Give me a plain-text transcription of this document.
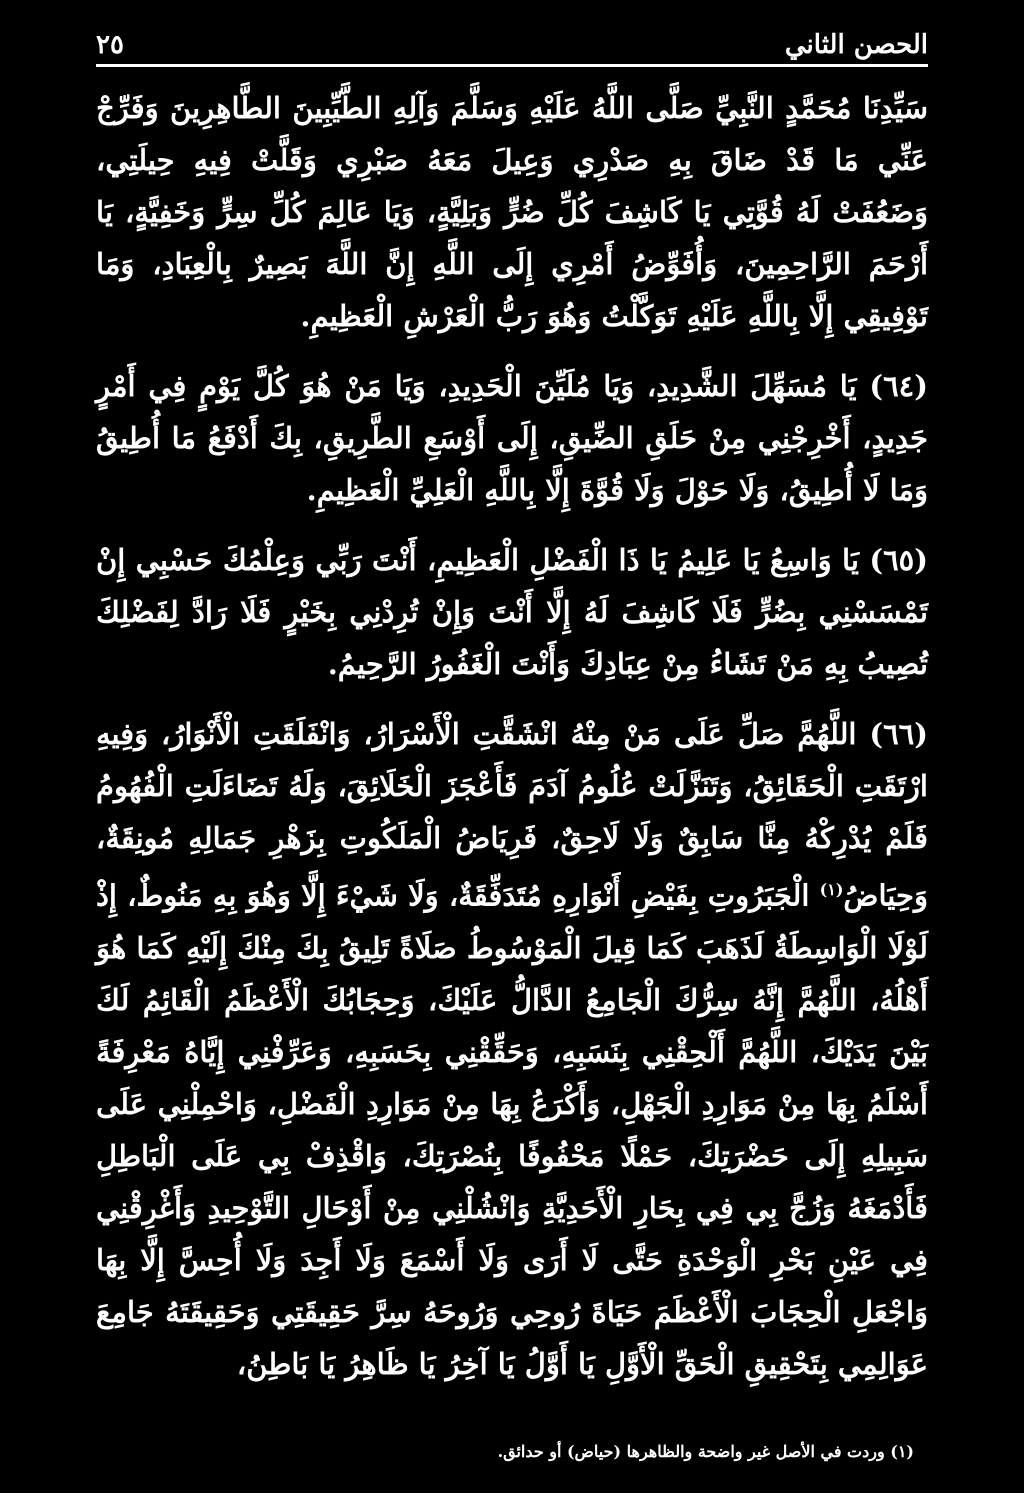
٢٥	الحصن الثاني

سَيِّدِنَا مُحَمَّدٍ النَّبِيِّ صَلَّى اللَّهُ عَلَيْهِ وَسَلَّمَ وَآلِهِ الطَّيِّبِينَ الطَّاهِرِينَ وَفَرِّجْ عَنِّي مَا قَدْ ضَاقَ بِهِ صَدْرِي وَعِيلَ مَعَهُ صَبْرِي وَقَلَّتْ فِيهِ حِيلَتِي، وَضَعُفَتْ لَهُ قُوَّتِي يَا كَاشِفَ كُلِّ ضُرٍّ وَبَلِيَّةٍ، وَيَا عَالِمَ كُلِّ سِرٍّ وَخَفِيَّةٍ، يَا أَرْحَمَ الرَّاحِمِينَ، وَأُفَوِّضُ أَمْرِي إِلَى اللَّهِ إِنَّ اللَّهَ بَصِيرٌ بِالْعِبَادِ، وَمَا تَوْفِيقِي إِلَّا بِاللَّهِ عَلَيْهِ تَوَكَّلْتُ وَهُوَ رَبُّ الْعَرْشِ الْعَظِيمِ.

(٦٤) يَا مُسَهِّلَ الشَّدِيدِ، وَيَا مُلَيِّنَ الْحَدِيدِ، وَيَا مَنْ هُوَ كُلَّ يَوْمٍ فِي أَمْرٍ جَدِيدٍ، أَخْرِجْنِي مِنْ حَلَقِ الضِّيقِ، إِلَى أَوْسَعِ الطَّرِيقِ، بِكَ أَدْفَعُ مَا أُطِيقُ وَمَا لَا أُطِيقُ، وَلَا حَوْلَ وَلَا قُوَّةَ إِلَّا بِاللَّهِ الْعَلِيِّ الْعَظِيمِ.

(٦٥) يَا وَاسِعُ يَا عَلِيمُ يَا ذَا الْفَضْلِ الْعَظِيمِ، أَنْتَ رَبِّي وَعِلْمُكَ حَسْبِي إِنْ تَمْسَسْنِي بِضُرٍّ فَلَا كَاشِفَ لَهُ إِلَّا أَنْتَ وَإِنْ تُرِدْنِي بِخَيْرٍ فَلَا رَادَّ لِفَضْلِكَ تُصِيبُ بِهِ مَنْ تَشَاءُ مِنْ عِبَادِكَ وَأَنْتَ الْغَفُورُ الرَّحِيمُ.

(٦٦) اللَّهُمَّ صَلِّ عَلَى مَنْ مِنْهُ انْشَقَّتِ الْأَسْرَارُ، وَانْفَلَقَتِ الْأَنْوَارُ، وَفِيهِ ارْتَقَتِ الْحَقَائِقُ، وَتَنَزَّلَتْ عُلُومُ آدَمَ فَأَعْجَزَ الْخَلَائِقَ، وَلَهُ تَضَاءَلَتِ الْفُهُومُ فَلَمْ يُدْرِكْهُ مِنَّا سَابِقٌ وَلَا لَاحِقٌ، فَرِيَاضُ الْمَلَكُوتِ بِزَهْرِ جَمَالِهِ مُونِقَةٌ، وَحِيَاضُ$^{(١)}$ الْجَبَرُوتِ بِفَيْضِ أَنْوَارِهِ مُتَدَفِّقَةٌ، وَلَا شَيْءَ إِلَّا وَهُوَ بِهِ مَنُوطٌ، إِذْ لَوْلَا الْوَاسِطَةُ لَذَهَبَ كَمَا قِيلَ الْمَوْسُوطُ صَلَاةً تَلِيقُ بِكَ مِنْكَ إِلَيْهِ كَمَا هُوَ أَهْلُهُ، اللَّهُمَّ إِنَّهُ سِرُّكَ الْجَامِعُ الدَّالُّ عَلَيْكَ، وَحِجَابُكَ الْأَعْظَمُ الْقَائِمُ لَكَ بَيْنَ يَدَيْكَ، اللَّهُمَّ أَلْحِقْنِي بِنَسَبِهِ، وَحَقِّقْنِي بِحَسَبِهِ، وَعَرِّفْنِي إِيَّاهُ مَعْرِفَةً أَسْلَمُ بِهَا مِنْ مَوَارِدِ الْجَهْلِ، وَأَكْرَعُ بِهَا مِنْ مَوَارِدِ الْفَضْلِ، وَاحْمِلْنِي عَلَى سَبِيلِهِ إِلَى حَضْرَتِكَ، حَمْلًا مَحْفُوفًا بِنُصْرَتِكَ، وَاقْذِفْ بِي عَلَى الْبَاطِلِ فَأَدْمَغَهُ وَزُجَّ بِي فِي بِحَارِ الْأَحَدِيَّةِ وَانْشُلْنِي مِنْ أَوْحَالِ التَّوْحِيدِ وَأَغْرِقْنِي فِي عَيْنِ بَحْرِ الْوَحْدَةِ حَتَّى لَا أَرَى وَلَا أَسْمَعَ وَلَا أَجِدَ وَلَا أُحِسَّ إِلَّا بِهَا وَاجْعَلِ الْحِجَابَ الْأَعْظَمَ حَيَاةَ رُوحِي وَرُوحَهُ سِرَّ حَقِيقَتِي وَحَقِيقَتَهُ جَامِعَ عَوَالِمِي بِتَحْقِيقِ الْحَقِّ الْأَوَّلِ يَا أَوَّلُ يَا آخِرُ يَا ظَاهِرُ يَا بَاطِنُ،

(١) وردت في الأصل غير واضحة والظاهرها (حياض) أو حدائق.
